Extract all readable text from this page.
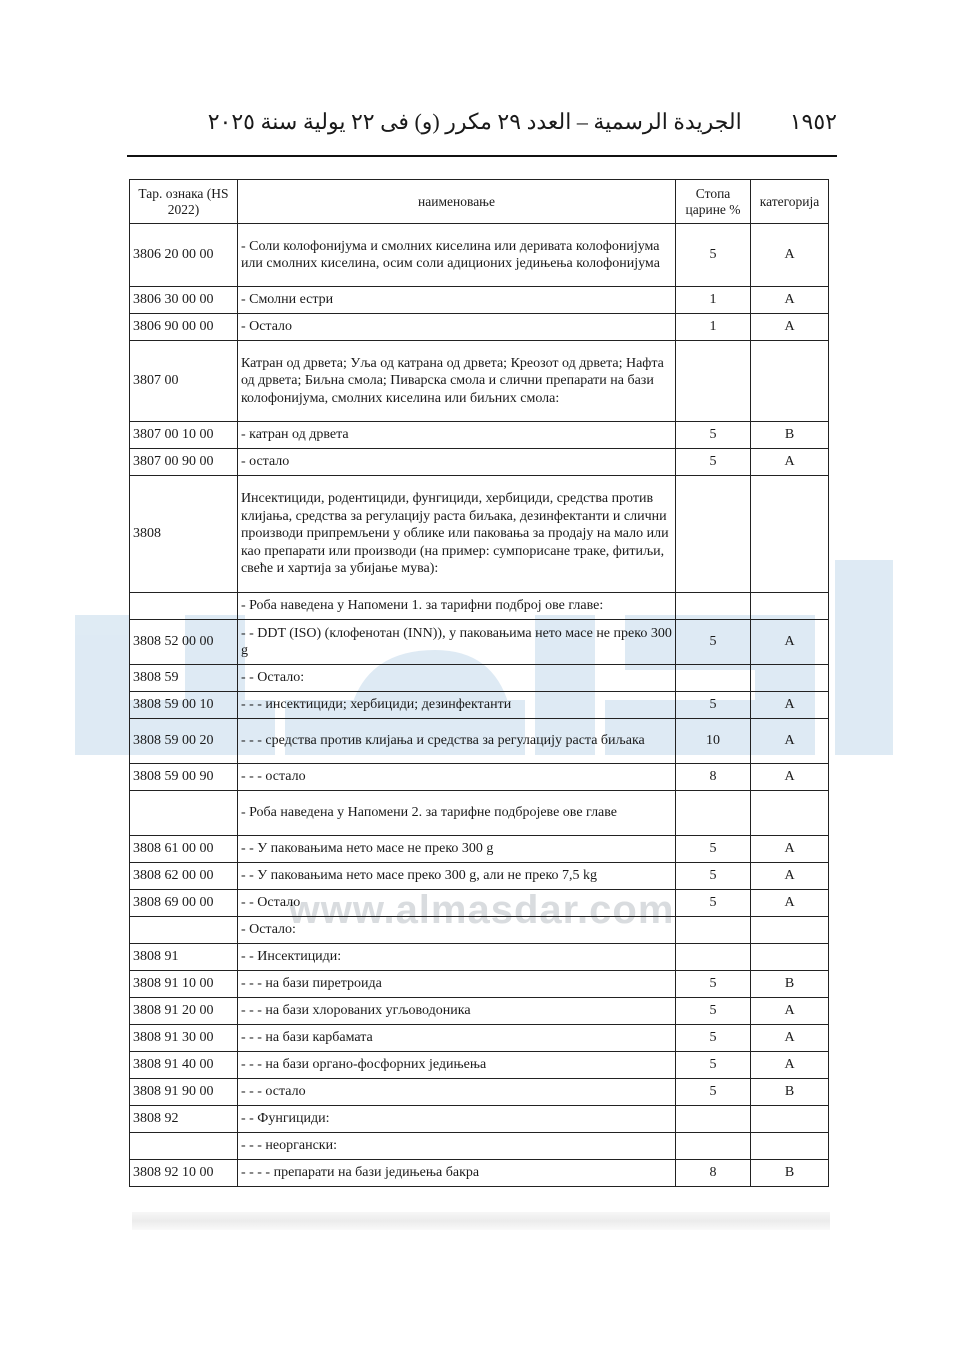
١٩٥٢
الجريدة الرسمية – العدد ٢٩ مكرر (و) فى ٢٢ يولية سنة ٢٠٢٥
www.almasdar.com
Тар. ознака (HS 2022)	наименовање	Стопа царине %	категорија
3806 20 00 00	- Соли колофонијума и смолних киселина или деривата колофонијума или смолних киселина, осим соли адиционих једињења колофонијума	5	A
3806 30 00 00	- Смолни естри	1	A
3806 90 00 00	- Остало	1	A
3807 00	Катран од дрвета; Уља од катрана од дрвета; Креозот од дрвета; Нафта од дрвета; Биљна смола; Пиварска смола и слични препарати на бази колофонијума, смолних киселина или биљних смола:		
3807 00 10 00	- катран од дрвета	5	B
3807 00 90 00	- остало	5	A
3808	Инсектициди, родентициди, фунгициди, хербициди, средства против клијања, средства за регулацију раста биљака, дезинфектанти и слични производи припремљени у облике или паковања за продају на мало или као препарати или производи (на пример: сумпорисане траке, фитиљи, свеће и хартија за убијање мува):		
	- Роба наведена у Напомени 1. за тарифни подброј ове главе:		
3808 52 00 00	- - DDT (ISO) (клофенотан (INN)), у паковањима нето масе не преко 300 g	5	A
3808 59	- - Остало:		
3808 59 00 10	- - - инсектициди; хербициди; дезинфектанти	5	A
3808 59 00 20	- - - средства против клијања и средства за регулацију раста биљака	10	A
3808 59 00 90	- - - остало	8	A
	- Роба наведена у Напомени 2. за тарифне подбројеве ове главе		
3808 61 00 00	- - У паковањима нето масе не преко 300 g	5	A
3808 62 00 00	- - У паковањима нето масе преко 300 g, али не преко 7,5 kg	5	A
3808 69 00 00	- - Остало	5	A
	- Остало:		
3808 91	- - Инсектициди:		
3808 91 10 00	- - - на бази пиретроида	5	B
3808 91 20 00	- - - на бази хлорованих угљоводоника	5	A
3808 91 30 00	- - - на бази карбамата	5	A
3808 91 40 00	- - - на бази органо-фосфорних једињења	5	A
3808 91 90 00	- - - остало	5	B
3808 92	- - Фунгициди:		
	- - - неоргански:		
3808 92 10 00	- - - - препарати на бази једињења бакра	8	B
